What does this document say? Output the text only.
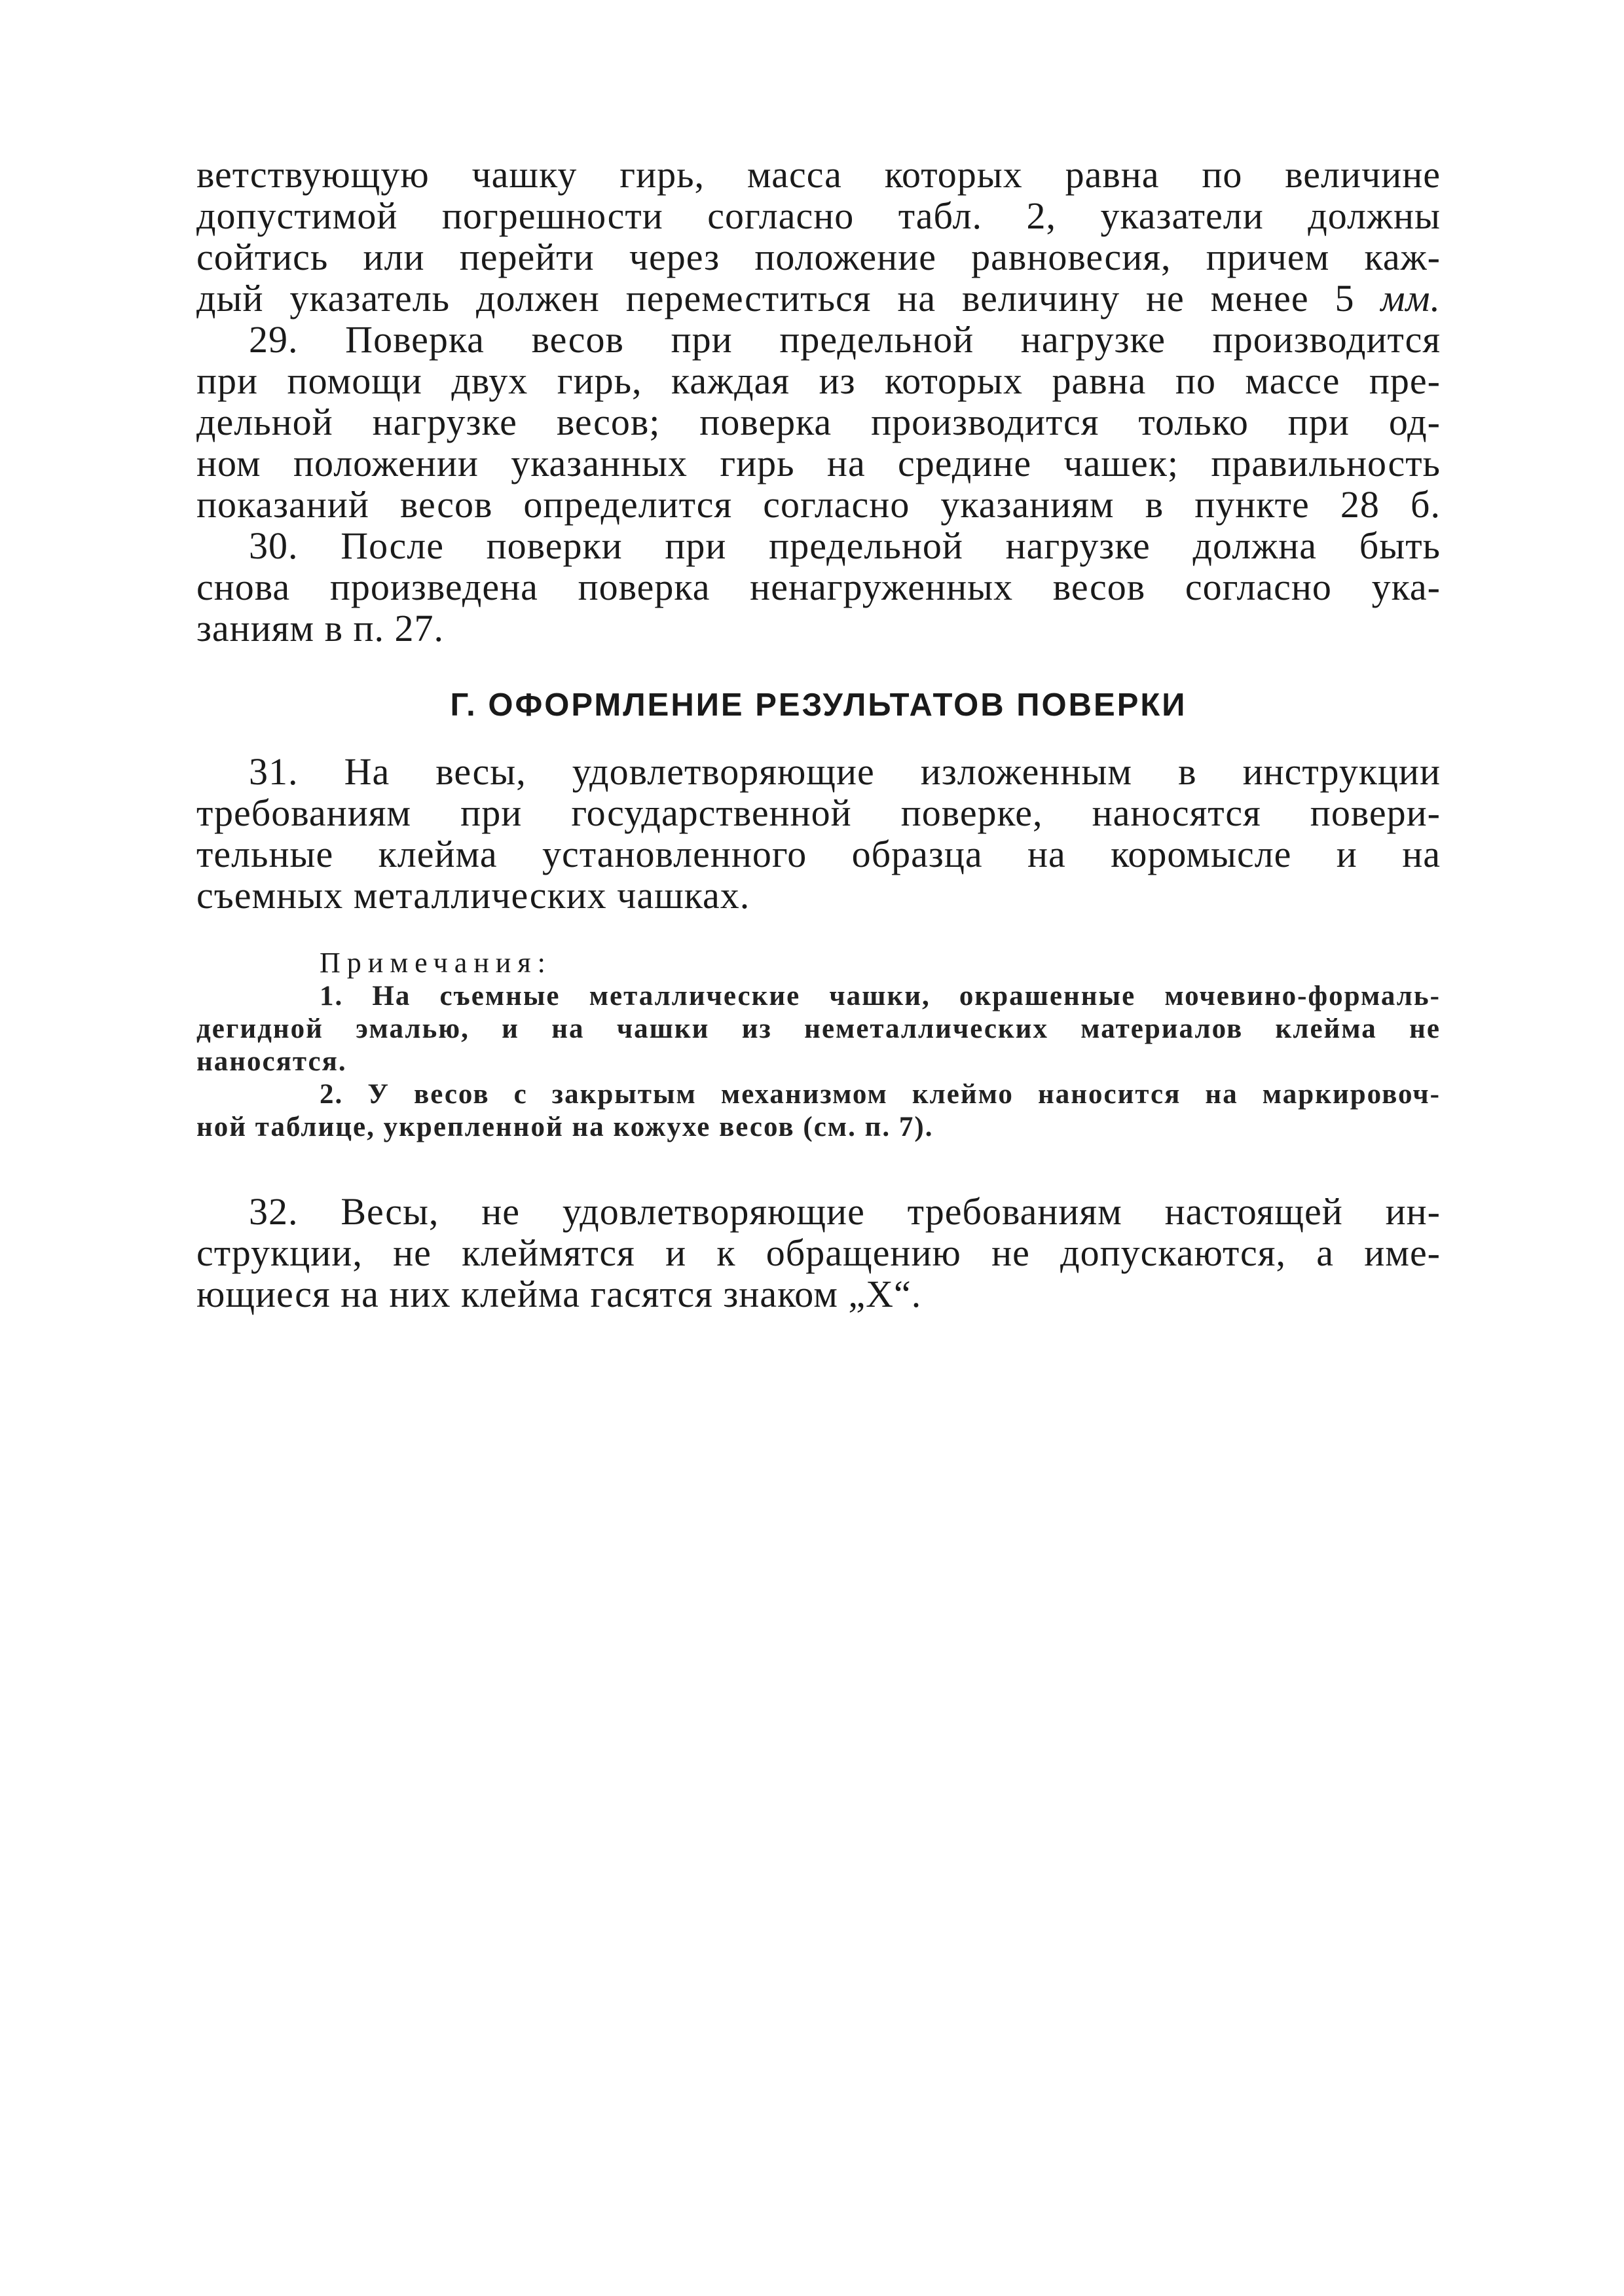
ветствующую чашку гирь, масса которых равна по величине
допустимой погрешности согласно табл. 2, указатели должны
сойтись или перейти через положение равновесия, причем каж-
дый указатель должен переместиться на величину не менее 5 мм.
29. Поверка весов при предельной нагрузке производится
при помощи двух гирь, каждая из которых равна по массе пре-
дельной нагрузке весов; поверка производится только при од-
ном положении указанных гирь на средине чашек; правильность
показаний весов определится согласно указаниям в пункте 28 б.
30. После поверки при предельной нагрузке должна быть
снова произведена поверка ненагруженных весов согласно ука-
заниям в п. 27.
Г. ОФОРМЛЕНИЕ РЕЗУЛЬТАТОВ ПОВЕРКИ
31. На весы, удовлетворяющие изложенным в инструкции
требованиям при государственной поверке, наносятся повери-
тельные клейма установленного образца на коромысле и на
съемных металлических чашках.
Примечания:
1. На съемные металлические чашки, окрашенные мочевино-формаль-
дегидной эмалью, и на чашки из неметаллических материалов клейма не
наносятся.
2. У весов с закрытым механизмом клеймо наносится на маркировоч-
ной таблице, укрепленной на кожухе весов (см. п. 7).
32. Весы, не удовлетворяющие требованиям настоящей ин-
струкции, не клеймятся и к обращению не допускаются, а име-
ющиеся на них клейма гасятся знаком „X“.
